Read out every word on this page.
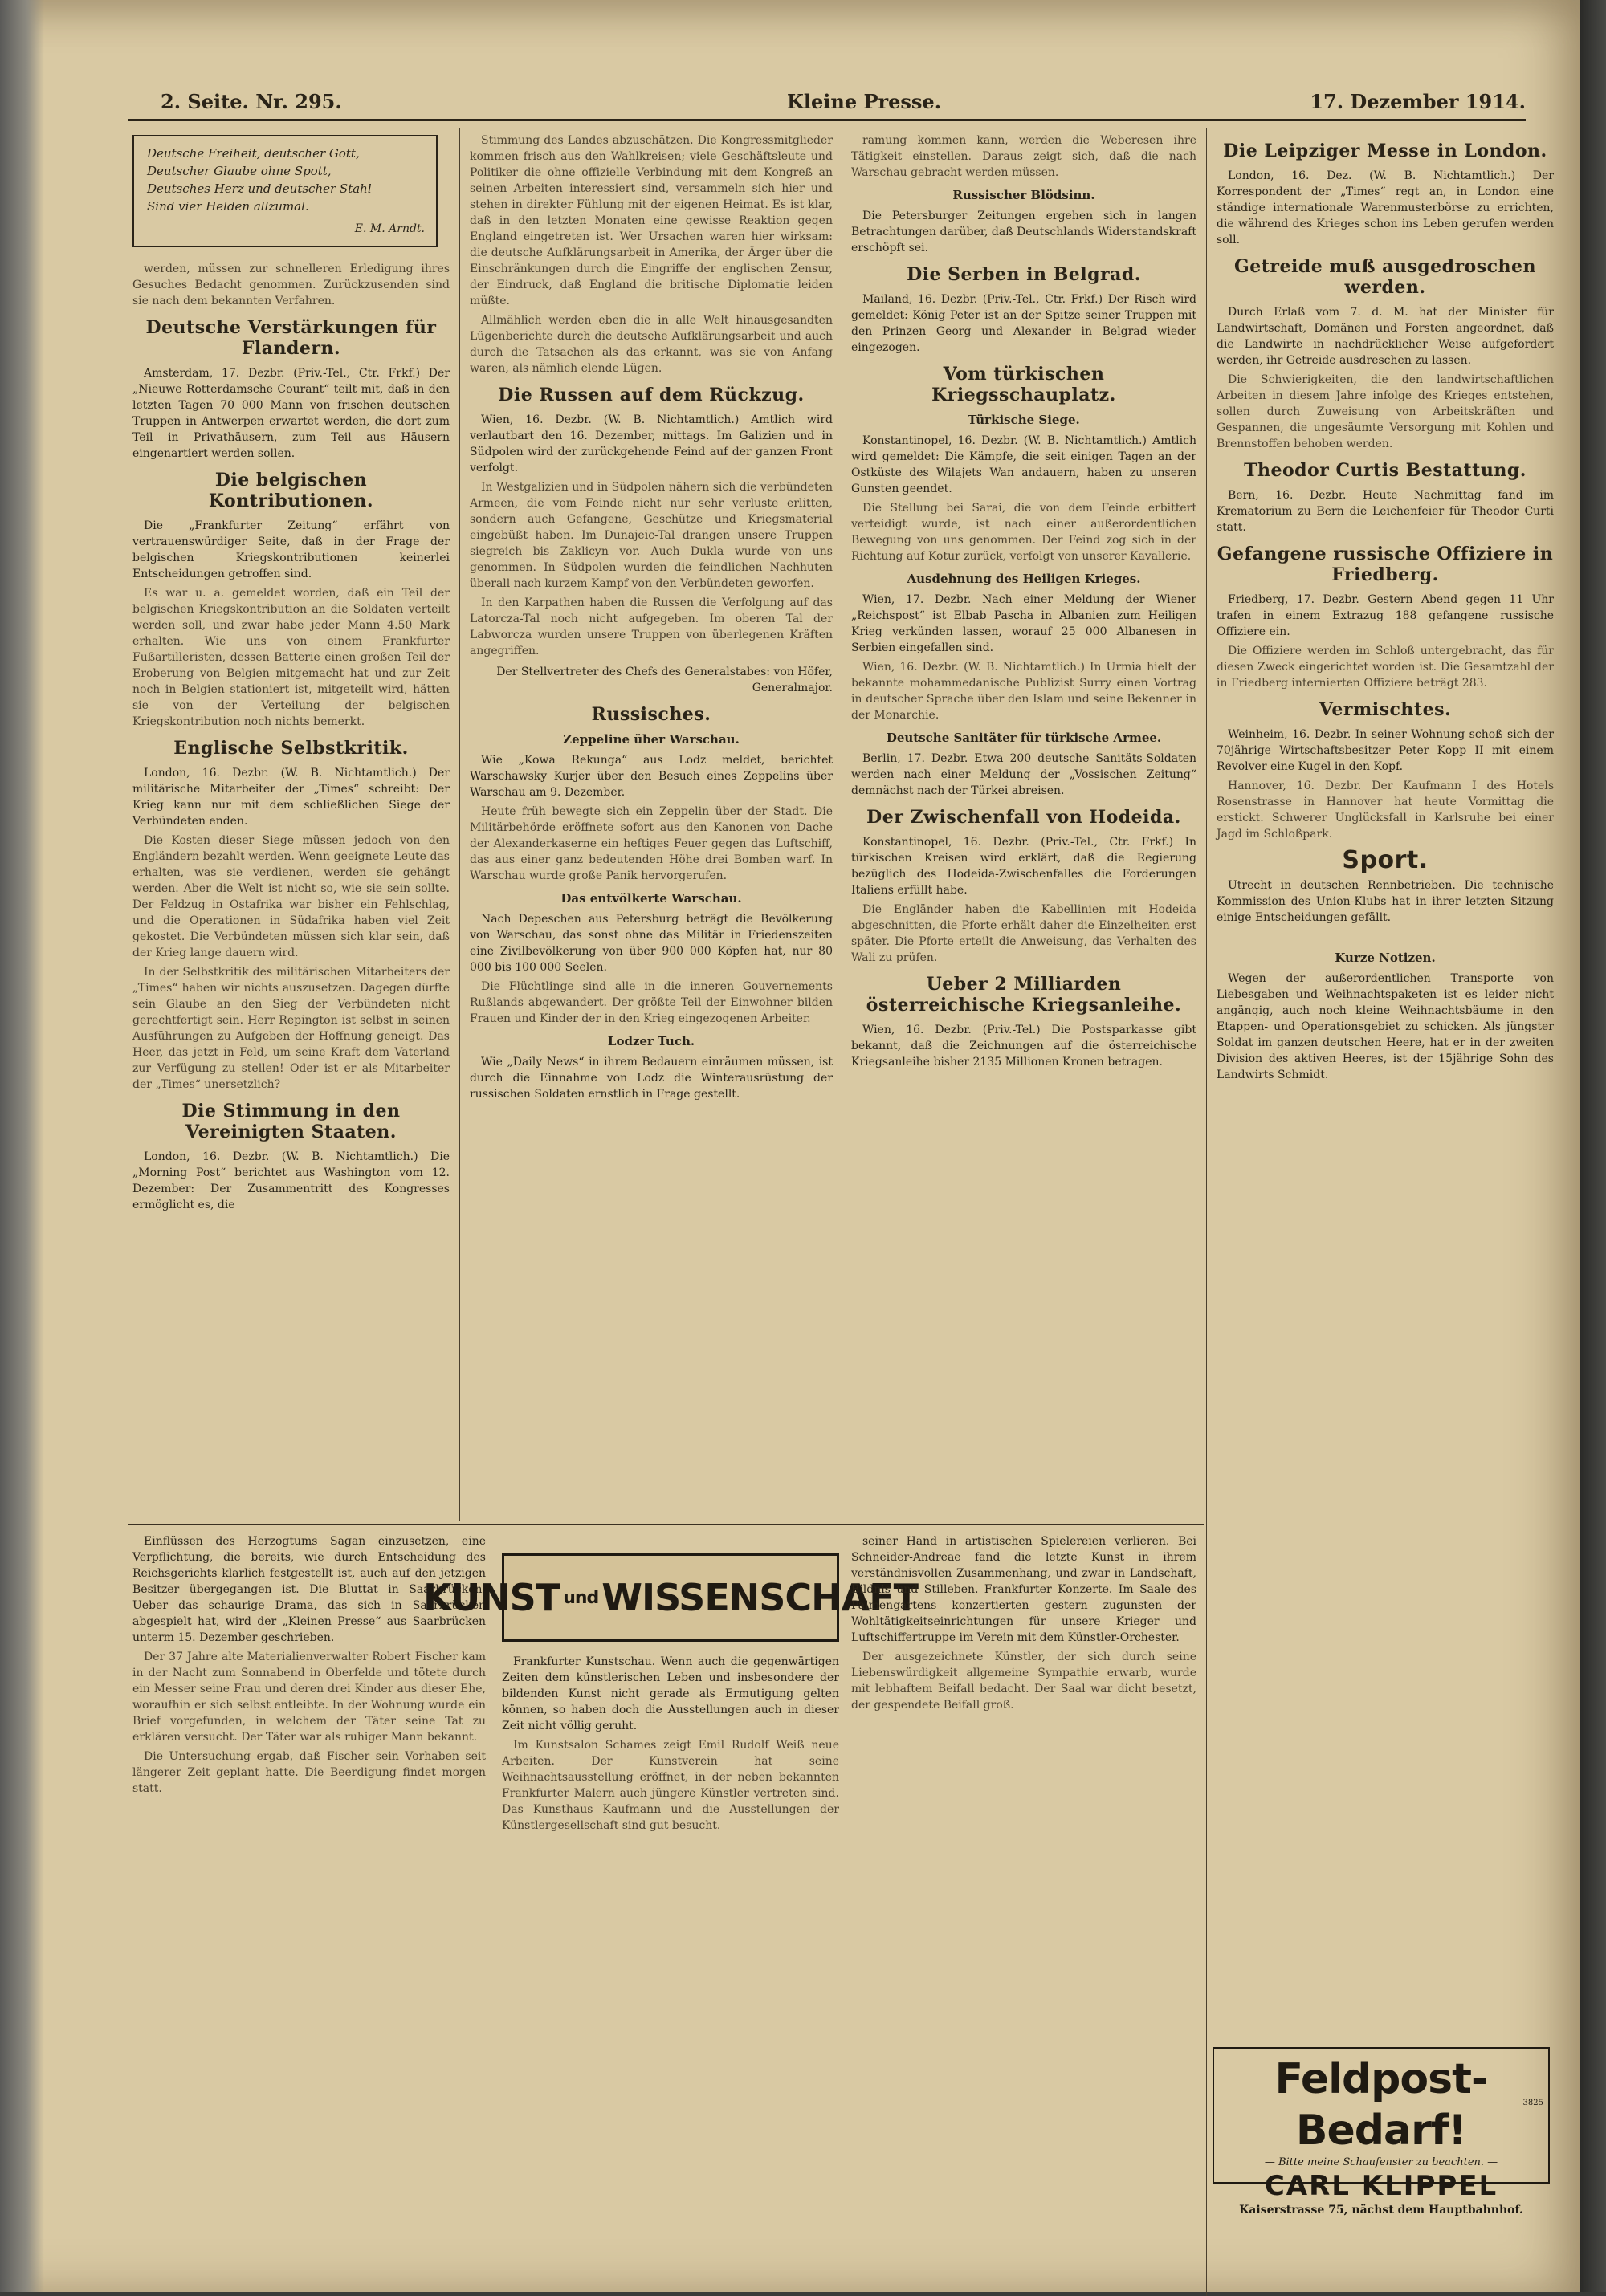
2. Seite. Nr. 295.	Kleine Presse.	17. Dezember 1914.
Deutsche Freiheit, deutscher Gott,
Deutscher Glaube ohne Spott,
Deutsches Herz und deutscher Stahl
Sind vier Helden allzumal.
E. M. Arndt.

werden, müssen zur schnelleren Erledigung ihres Gesuches Bedacht genommen. Zurückzusenden sind sie nach dem bekannten Verfahren.

Deutsche Verstärkungen für Flandern.

Amsterdam, 17. Dezbr. (Priv.-Tel., Ctr. Frkf.) Der „Nieuwe Rotterdamsche Courant“ teilt mit, daß in den letzten Tagen 70 000 Mann von frischen deutschen Truppen in Antwerpen erwartet werden, die dort zum Teil in Privathäusern, zum Teil aus Häusern eingenartiert werden sollen.

Die belgischen Kontributionen.

Die „Frankfurter Zeitung“ erfährt von vertrauenswürdiger Seite, daß in der Frage der belgischen Kriegskontributionen keinerlei Entscheidungen getroffen sind.

Es war u. a. gemeldet worden, daß ein Teil der belgischen Kriegskontribution an die Soldaten verteilt werden soll, und zwar habe jeder Mann 4.50 Mark erhalten. Wie uns von einem Frankfurter Fußartilleristen, dessen Batterie einen großen Teil der Eroberung von Belgien mitgemacht hat und zur Zeit noch in Belgien stationiert ist, mitgeteilt wird, hätten sie von der Verteilung der belgischen Kriegskontribution noch nichts bemerkt.

Englische Selbstkritik.

London, 16. Dezbr. (W. B. Nichtamtlich.) Der militärische Mitarbeiter der „Times“ schreibt: Der Krieg kann nur mit dem schließlichen Siege der Verbündeten enden.

Die Kosten dieser Siege müssen jedoch von den Engländern bezahlt werden. Wenn geeignete Leute das erhalten, was sie verdienen, werden sie gehängt werden. Aber die Welt ist nicht so, wie sie sein sollte. Der Feldzug in Ostafrika war bisher ein Fehlschlag, und die Operationen in Südafrika haben viel Zeit gekostet. Die Verbündeten müssen sich klar sein, daß der Krieg lange dauern wird.

In der Selbstkritik des militärischen Mitarbeiters der „Times“ haben wir nichts auszusetzen. Dagegen dürfte sein Glaube an den Sieg der Verbündeten nicht gerechtfertigt sein. Herr Repington ist selbst in seinen Ausführungen zu Aufgeben der Hoffnung geneigt. Das Heer, das jetzt in Feld, um seine Kraft dem Vaterland zur Verfügung zu stellen! Oder ist er als Mitarbeiter der „Times“ unersetzlich?

Die Stimmung in den Vereinigten Staaten.

London, 16. Dezbr. (W. B. Nichtamtlich.) Die „Morning Post“ berichtet aus Washington vom 12. Dezember: Der Zusammentritt des Kongresses ermöglicht es, die

Stimmung des Landes abzuschätzen. Die Kongressmitglieder kommen frisch aus den Wahlkreisen; viele Geschäftsleute und Politiker die ohne offizielle Verbindung mit dem Kongreß an seinen Arbeiten interessiert sind, versammeln sich hier und stehen in direkter Fühlung mit der eigenen Heimat. Es ist klar, daß in den letzten Monaten eine gewisse Reaktion gegen England eingetreten ist. Wer Ursachen waren hier wirksam: die deutsche Aufklärungsarbeit in Amerika, der Ärger über die Einschränkungen durch die Eingriffe der englischen Zensur, der Eindruck, daß England die britische Diplomatie leiden müßte.

Allmählich werden eben die in alle Welt hinausgesandten Lügenberichte durch die deutsche Aufklärungsarbeit und auch durch die Tatsachen als das erkannt, was sie von Anfang waren, als nämlich elende Lügen.

Die Russen auf dem Rückzug.

Wien, 16. Dezbr. (W. B. Nichtamtlich.) Amtlich wird verlautbart den 16. Dezember, mittags. Im Galizien und in Südpolen wird der zurückgehende Feind auf der ganzen Front verfolgt.

In Westgalizien und in Südpolen nähern sich die verbündeten Armeen, die vom Feinde nicht nur sehr verluste erlitten, sondern auch Gefangene, Geschütze und Kriegsmaterial eingebüßt haben. Im Dunajeic-Tal drangen unsere Truppen siegreich bis Zaklicyn vor. Auch Dukla wurde von uns genommen. In Südpolen wurden die feindlichen Nachhuten überall nach kurzem Kampf von den Verbündeten geworfen.

In den Karpathen haben die Russen die Verfolgung auf das Latorcza-Tal noch nicht aufgegeben. Im oberen Tal der Labworcza wurden unsere Truppen von überlegenen Kräften angegriffen.

Der Stellvertreter des Chefs des Generalstabes: von Höfer, Generalmajor.

Russisches.
Zeppeline über Warschau.

Wie „Kowa Rekunga“ aus Lodz meldet, berichtet Warschawsky Kurjer über den Besuch eines Zeppelins über Warschau am 9. Dezember.

Heute früh bewegte sich ein Zeppelin über der Stadt. Die Militärbehörde eröffnete sofort aus den Kanonen von Dache der Alexanderkaserne ein heftiges Feuer gegen das Luftschiff, das aus einer ganz bedeutenden Höhe drei Bomben warf. In Warschau wurde große Panik hervorgerufen.

Das entvölkerte Warschau.

Nach Depeschen aus Petersburg beträgt die Bevölkerung von Warschau, das sonst ohne das Militär in Friedenszeiten eine Zivilbevölkerung von über 900 000 Köpfen hat, nur 80 000 bis 100 000 Seelen.

Die Flüchtlinge sind alle in die inneren Gouvernements Rußlands abgewandert. Der größte Teil der Einwohner bilden Frauen und Kinder der in den Krieg eingezogenen Arbeiter.

Lodzer Tuch.

Wie „Daily News“ in ihrem Bedauern einräumen müssen, ist durch die Einnahme von Lodz die Winterausrüstung der russischen Soldaten ernstlich in Frage gestellt.

ramung kommen kann, werden die Weberesen ihre Tätigkeit einstellen. Daraus zeigt sich, daß die nach Warschau gebracht werden müssen.

Russischer Blödsinn.

Die Petersburger Zeitungen ergehen sich in langen Betrachtungen darüber, daß Deutschlands Widerstandskraft erschöpft sei.

Die Serben in Belgrad.

Mailand, 16. Dezbr. (Priv.-Tel., Ctr. Frkf.) Der Risch wird gemeldet: König Peter ist an der Spitze seiner Truppen mit den Prinzen Georg und Alexander in Belgrad wieder eingezogen.

Vom türkischen Kriegsschauplatz.
Türkische Siege.

Konstantinopel, 16. Dezbr. (W. B. Nichtamtlich.) Amtlich wird gemeldet: Die Kämpfe, die seit einigen Tagen an der Ostküste des Wilajets Wan andauern, haben zu unseren Gunsten geendet.

Die Stellung bei Sarai, die von dem Feinde erbittert verteidigt wurde, ist nach einer außerordentlichen Bewegung von uns genommen. Der Feind zog sich in der Richtung auf Kotur zurück, verfolgt von unserer Kavallerie.

Ausdehnung des Heiligen Krieges.

Wien, 17. Dezbr. Nach einer Meldung der Wiener „Reichspost“ ist Elbab Pascha in Albanien zum Heiligen Krieg verkünden lassen, worauf 25 000 Albanesen in Serbien eingefallen sind.

Wien, 16. Dezbr. (W. B. Nichtamtlich.) In Urmia hielt der bekannte mohammedanische Publizist Surry einen Vortrag in deutscher Sprache über den Islam und seine Bekenner in der Monarchie.

Deutsche Sanitäter für türkische Armee.

Berlin, 17. Dezbr. Etwa 200 deutsche Sanitäts-Soldaten werden nach einer Meldung der „Vossischen Zeitung“ demnächst nach der Türkei abreisen.

Der Zwischenfall von Hodeida.

Konstantinopel, 16. Dezbr. (Priv.-Tel., Ctr. Frkf.) In türkischen Kreisen wird erklärt, daß die Regierung bezüglich des Hodeida-Zwischenfalles die Forderungen Italiens erfüllt habe.

Die Engländer haben die Kabellinien mit Hodeida abgeschnitten, die Pforte erhält daher die Einzelheiten erst später. Die Pforte erteilt die Anweisung, das Verhalten des Wali zu prüfen.

Ueber 2 Milliarden österreichische Kriegsanleihe.

Wien, 16. Dezbr. (Priv.-Tel.) Die Postsparkasse gibt bekannt, daß die Zeichnungen auf die österreichische Kriegsanleihe bisher 2135 Millionen Kronen betragen.

Die Leipziger Messe in London.

London, 16. Dez. (W. B. Nichtamtlich.) Der Korrespondent der „Times“ regt an, in London eine ständige internationale Warenmusterbörse zu errichten, die während des Krieges schon ins Leben gerufen werden soll.

Getreide muß ausgedroschen werden.

Durch Erlaß vom 7. d. M. hat der Minister für Landwirtschaft, Domänen und Forsten angeordnet, daß die Landwirte in nachdrücklicher Weise aufgefordert werden, ihr Getreide ausdreschen zu lassen.

Die Schwierigkeiten, die den landwirtschaftlichen Arbeiten in diesem Jahre infolge des Krieges entstehen, sollen durch Zuweisung von Arbeitskräften und Gespannen, die ungesäumte Versorgung mit Kohlen und Brennstoffen behoben werden.

Theodor Curtis Bestattung.

Bern, 16. Dezbr. Heute Nachmittag fand im Krematorium zu Bern die Leichenfeier für Theodor Curti statt.

Gefangene russische Offiziere in Friedberg.

Friedberg, 17. Dezbr. Gestern Abend gegen 11 Uhr trafen in einem Extrazug 188 gefangene russische Offiziere ein.

Die Offiziere werden im Schloß untergebracht, das für diesen Zweck eingerichtet worden ist. Die Gesamtzahl der in Friedberg internierten Offiziere beträgt 283.

Vermischtes.

Weinheim, 16. Dezbr. In seiner Wohnung schoß sich der 70jährige Wirtschaftsbesitzer Peter Kopp II mit einem Revolver eine Kugel in den Kopf.

Hannover, 16. Dezbr. Der Kaufmann I des Hotels Rosenstrasse in Hannover hat heute Vormittag die erstickt. Schwerer Unglücksfall in Karlsruhe bei einer Jagd im Schloßpark.

Sport.

Utrecht in deutschen Rennbetrieben. Die technische Kommission des Union-Klubs hat in ihrer letzten Sitzung einige Entscheidungen gefällt.

Kurze Notizen.

Wegen der außerordentlichen Transporte von Liebesgaben und Weihnachtspaketen ist es leider nicht angängig, auch noch kleine Weihnachtsbäume in den Etappen- und Operationsgebiet zu schicken. Als jüngster Soldat im ganzen deutschen Heere, hat er in der zweiten Division des aktiven Heeres, ist der 15jährige Sohn des Landwirts Schmidt.

Einflüssen des Herzogtums Sagan einzusetzen, eine Verpflichtung, die bereits, wie durch Entscheidung des Reichsgerichts klarlich festgestellt ist, auch auf den jetzigen Besitzer übergegangen ist. Die Bluttat in Saarbrücken. Ueber das schaurige Drama, das sich in Saarbrücken abgespielt hat, wird der „Kleinen Presse“ aus Saarbrücken unterm 15. Dezember geschrieben.

Der 37 Jahre alte Materialienverwalter Robert Fischer kam in der Nacht zum Sonnabend in Oberfelde und tötete durch ein Messer seine Frau und deren drei Kinder aus dieser Ehe, woraufhin er sich selbst entleibte. In der Wohnung wurde ein Brief vorgefunden, in welchem der Täter seine Tat zu erklären versucht. Der Täter war als ruhiger Mann bekannt.

Die Untersuchung ergab, daß Fischer sein Vorhaben seit längerer Zeit geplant hatte. Die Beerdigung findet morgen statt.

KUNST und WISSENSCHAFT

Frankfurter Kunstschau. Wenn auch die gegenwärtigen Zeiten dem künstlerischen Leben und insbesondere der bildenden Kunst nicht gerade als Ermutigung gelten können, so haben doch die Ausstellungen auch in dieser Zeit nicht völlig geruht.

Im Kunstsalon Schames zeigt Emil Rudolf Weiß neue Arbeiten. Der Kunstverein hat seine Weihnachtsausstellung eröffnet, in der neben bekannten Frankfurter Malern auch jüngere Künstler vertreten sind. Das Kunsthaus Kaufmann und die Ausstellungen der Künstlergesellschaft sind gut besucht.

seiner Hand in artistischen Spielereien verlieren. Bei Schneider-Andreae fand die letzte Kunst in ihrem verständnisvollen Zusammenhang, und zwar in Landschaft, Bildnis und Stilleben. Frankfurter Konzerte. Im Saale des Palmengartens konzertierten gestern zugunsten der Wohltätigkeitseinrichtungen für unsere Krieger und Luftschiffertruppe im Verein mit dem Künstler-Orchester.

Der ausgezeichnete Künstler, der sich durch seine Liebenswürdigkeit allgemeine Sympathie erwarb, wurde mit lebhaftem Beifall bedacht. Der Saal war dicht besetzt, der gespendete Beifall groß.

Feldpost-Bedarf!
— Bitte meine Schaufenster zu beachten. —
CARL KLIPPEL
Kaiserstrasse 75, nächst dem Hauptbahnhof.
3825
